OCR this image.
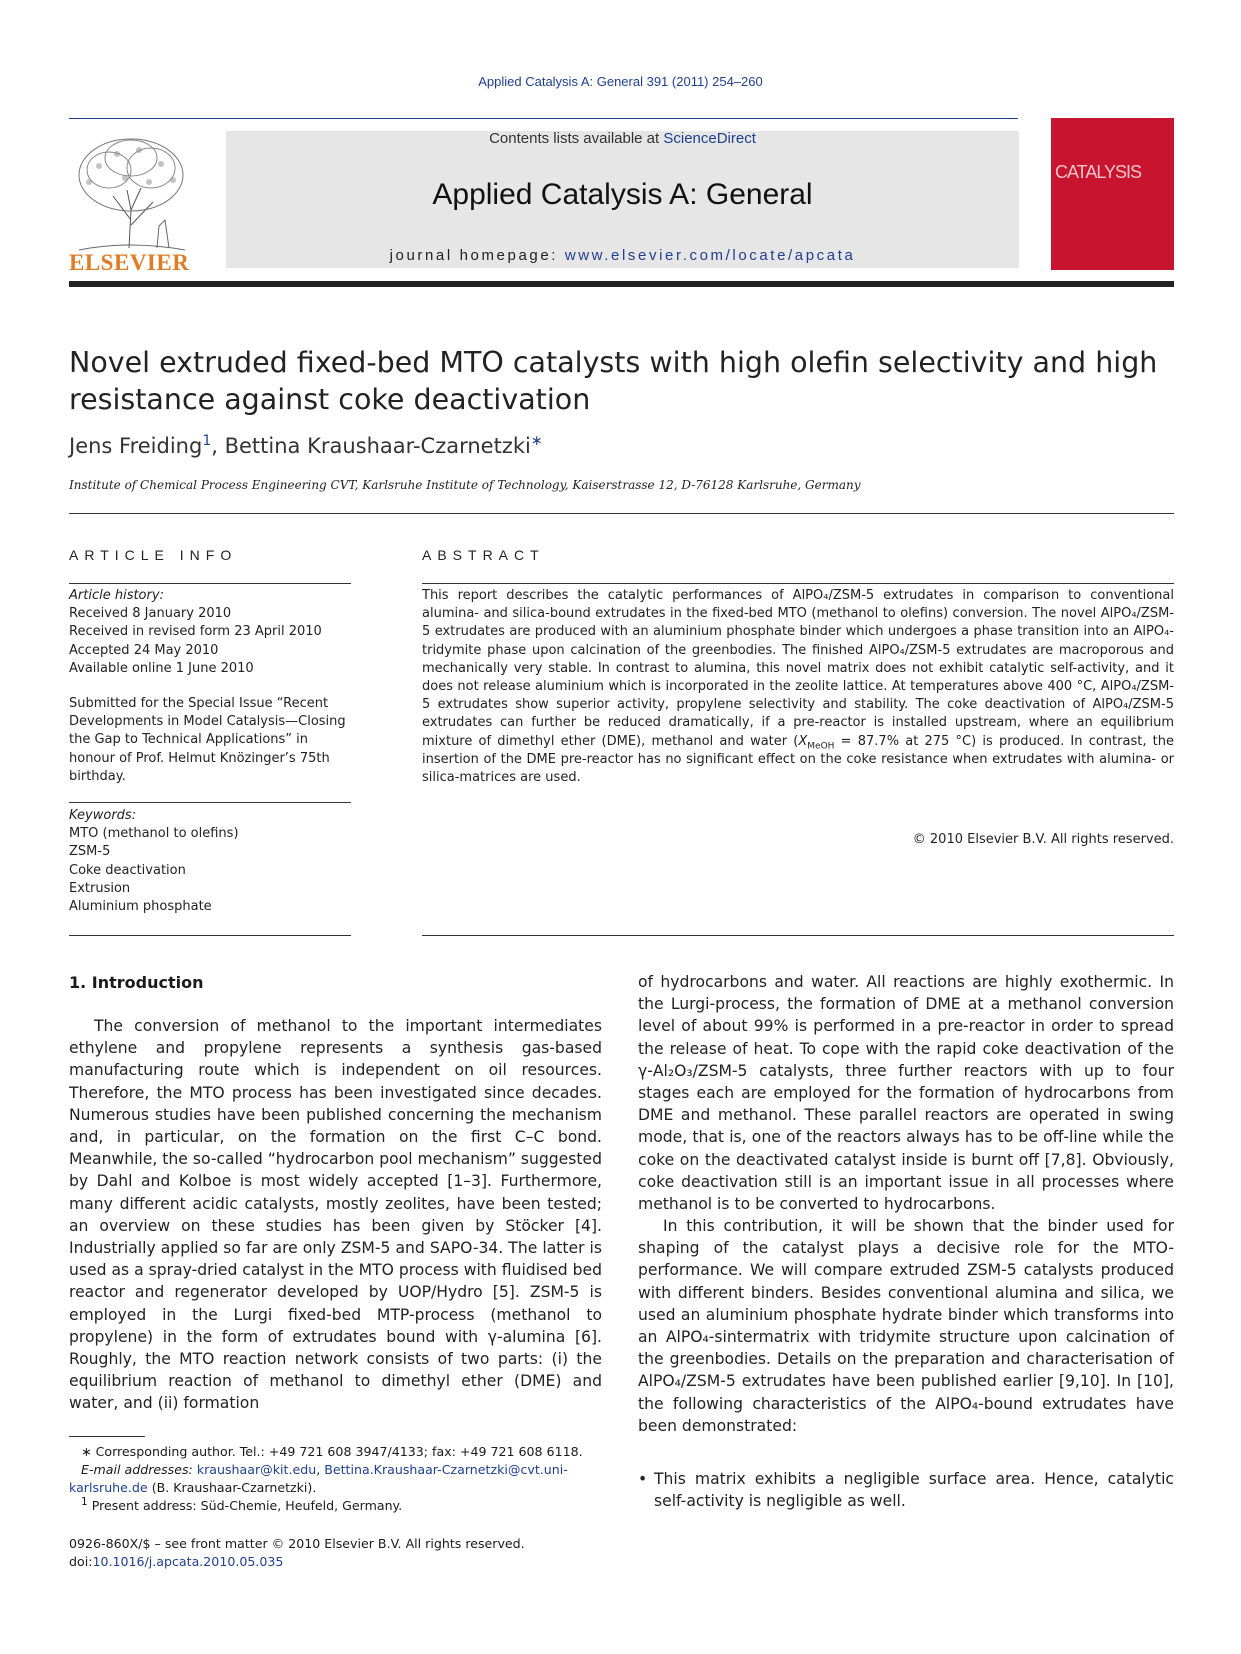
Applied Catalysis A: General 391 (2011) 254–260
ELSEVIER
Contents lists available at ScienceDirect
Applied Catalysis A: General
journal homepage: www.elsevier.com/locate/apcata
CATALYSIS
Novel extruded fixed-bed MTO catalysts with high olefin selectivity and high resistance against coke deactivation
Jens Freiding$^1$, Bettina Kraushaar-Czarnetzki∗
Institute of Chemical Process Engineering CVT, Karlsruhe Institute of Technology, Kaiserstrasse 12, D-76128 Karlsruhe, Germany
ARTICLE INFO	ABSTRACT
Article history:
Received 8 January 2010
Received in revised form 23 April 2010
Accepted 24 May 2010
Available online 1 June 2010
Submitted for the Special Issue “Recent Developments in Model Catalysis—Closing the Gap to Technical Applications” in honour of Prof. Helmut Knözinger’s 75th birthday.
Keywords:
MTO (methanol to olefins)
ZSM-5
Coke deactivation
Extrusion
Aluminium phosphate
This report describes the catalytic performances of AlPO₄/ZSM-5 extrudates in comparison to conventional alumina- and silica-bound extrudates in the fixed-bed MTO (methanol to olefins) conversion. The novel AlPO₄/ZSM-5 extrudates are produced with an aluminium phosphate binder which undergoes a phase transition into an AlPO₄-tridymite phase upon calcination of the greenbodies. The finished AlPO₄/ZSM-5 extrudates are macroporous and mechanically very stable. In contrast to alumina, this novel matrix does not exhibit catalytic self-activity, and it does not release aluminium which is incorporated in the zeolite lattice. At temperatures above 400 °C, AlPO₄/ZSM-5 extrudates show superior activity, propylene selectivity and stability. The coke deactivation of AlPO₄/ZSM-5 extrudates can further be reduced dramatically, if a pre-reactor is installed upstream, where an equilibrium mixture of dimethyl ether (DME), methanol and water ($X_{MeOH} = 87.7\%$ at 275 °C) is produced. In contrast, the insertion of the DME pre-reactor has no significant effect on the coke resistance when extrudates with alumina- or silica-matrices are used.
© 2010 Elsevier B.V. All rights reserved.
1. Introduction
The conversion of methanol to the important intermediates ethylene and propylene represents a synthesis gas-based manufacturing route which is independent on oil resources. Therefore, the MTO process has been investigated since decades. Numerous studies have been published concerning the mechanism and, in particular, on the formation on the first C–C bond. Meanwhile, the so-called “hydrocarbon pool mechanism” suggested by Dahl and Kolboe is most widely accepted [1–3]. Furthermore, many different acidic catalysts, mostly zeolites, have been tested; an overview on these studies has been given by Stöcker [4]. Industrially applied so far are only ZSM-5 and SAPO-34. The latter is used as a spray-dried catalyst in the MTO process with fluidised bed reactor and regenerator developed by UOP/Hydro [5]. ZSM-5 is employed in the Lurgi fixed-bed MTP-process (methanol to propylene) in the form of extrudates bound with γ-alumina [6]. Roughly, the MTO reaction network consists of two parts: (i) the equilibrium reaction of methanol to dimethyl ether (DME) and water, and (ii) formation
of hydrocarbons and water. All reactions are highly exothermic. In the Lurgi-process, the formation of DME at a methanol conversion level of about 99% is performed in a pre-reactor in order to spread the release of heat. To cope with the rapid coke deactivation of the γ-Al₂O₃/ZSM-5 catalysts, three further reactors with up to four stages each are employed for the formation of hydrocarbons from DME and methanol. These parallel reactors are operated in swing mode, that is, one of the reactors always has to be off-line while the coke on the deactivated catalyst inside is burnt off [7,8]. Obviously, coke deactivation still is an important issue in all processes where methanol is to be converted to hydrocarbons.
In this contribution, it will be shown that the binder used for shaping of the catalyst plays a decisive role for the MTO-performance. We will compare extruded ZSM-5 catalysts produced with different binders. Besides conventional alumina and silica, we used an aluminium phosphate hydrate binder which transforms into an AlPO₄-sintermatrix with tridymite structure upon calcination of the greenbodies. Details on the preparation and characterisation of AlPO₄/ZSM-5 extrudates have been published earlier [9,10]. In [10], the following characteristics of the AlPO₄-bound extrudates have been demonstrated:
• This matrix exhibits a negligible surface area. Hence, catalytic self-activity is negligible as well.
∗ Corresponding author. Tel.: +49 721 608 3947/4133; fax: +49 721 608 6118.
E-mail addresses: kraushaar@kit.edu, Bettina.Kraushaar-Czarnetzki@cvt.uni-karlsruhe.de (B. Kraushaar-Czarnetzki).
$^1$ Present address: Süd-Chemie, Heufeld, Germany.
0926-860X/$ – see front matter © 2010 Elsevier B.V. All rights reserved.
doi:10.1016/j.apcata.2010.05.035
